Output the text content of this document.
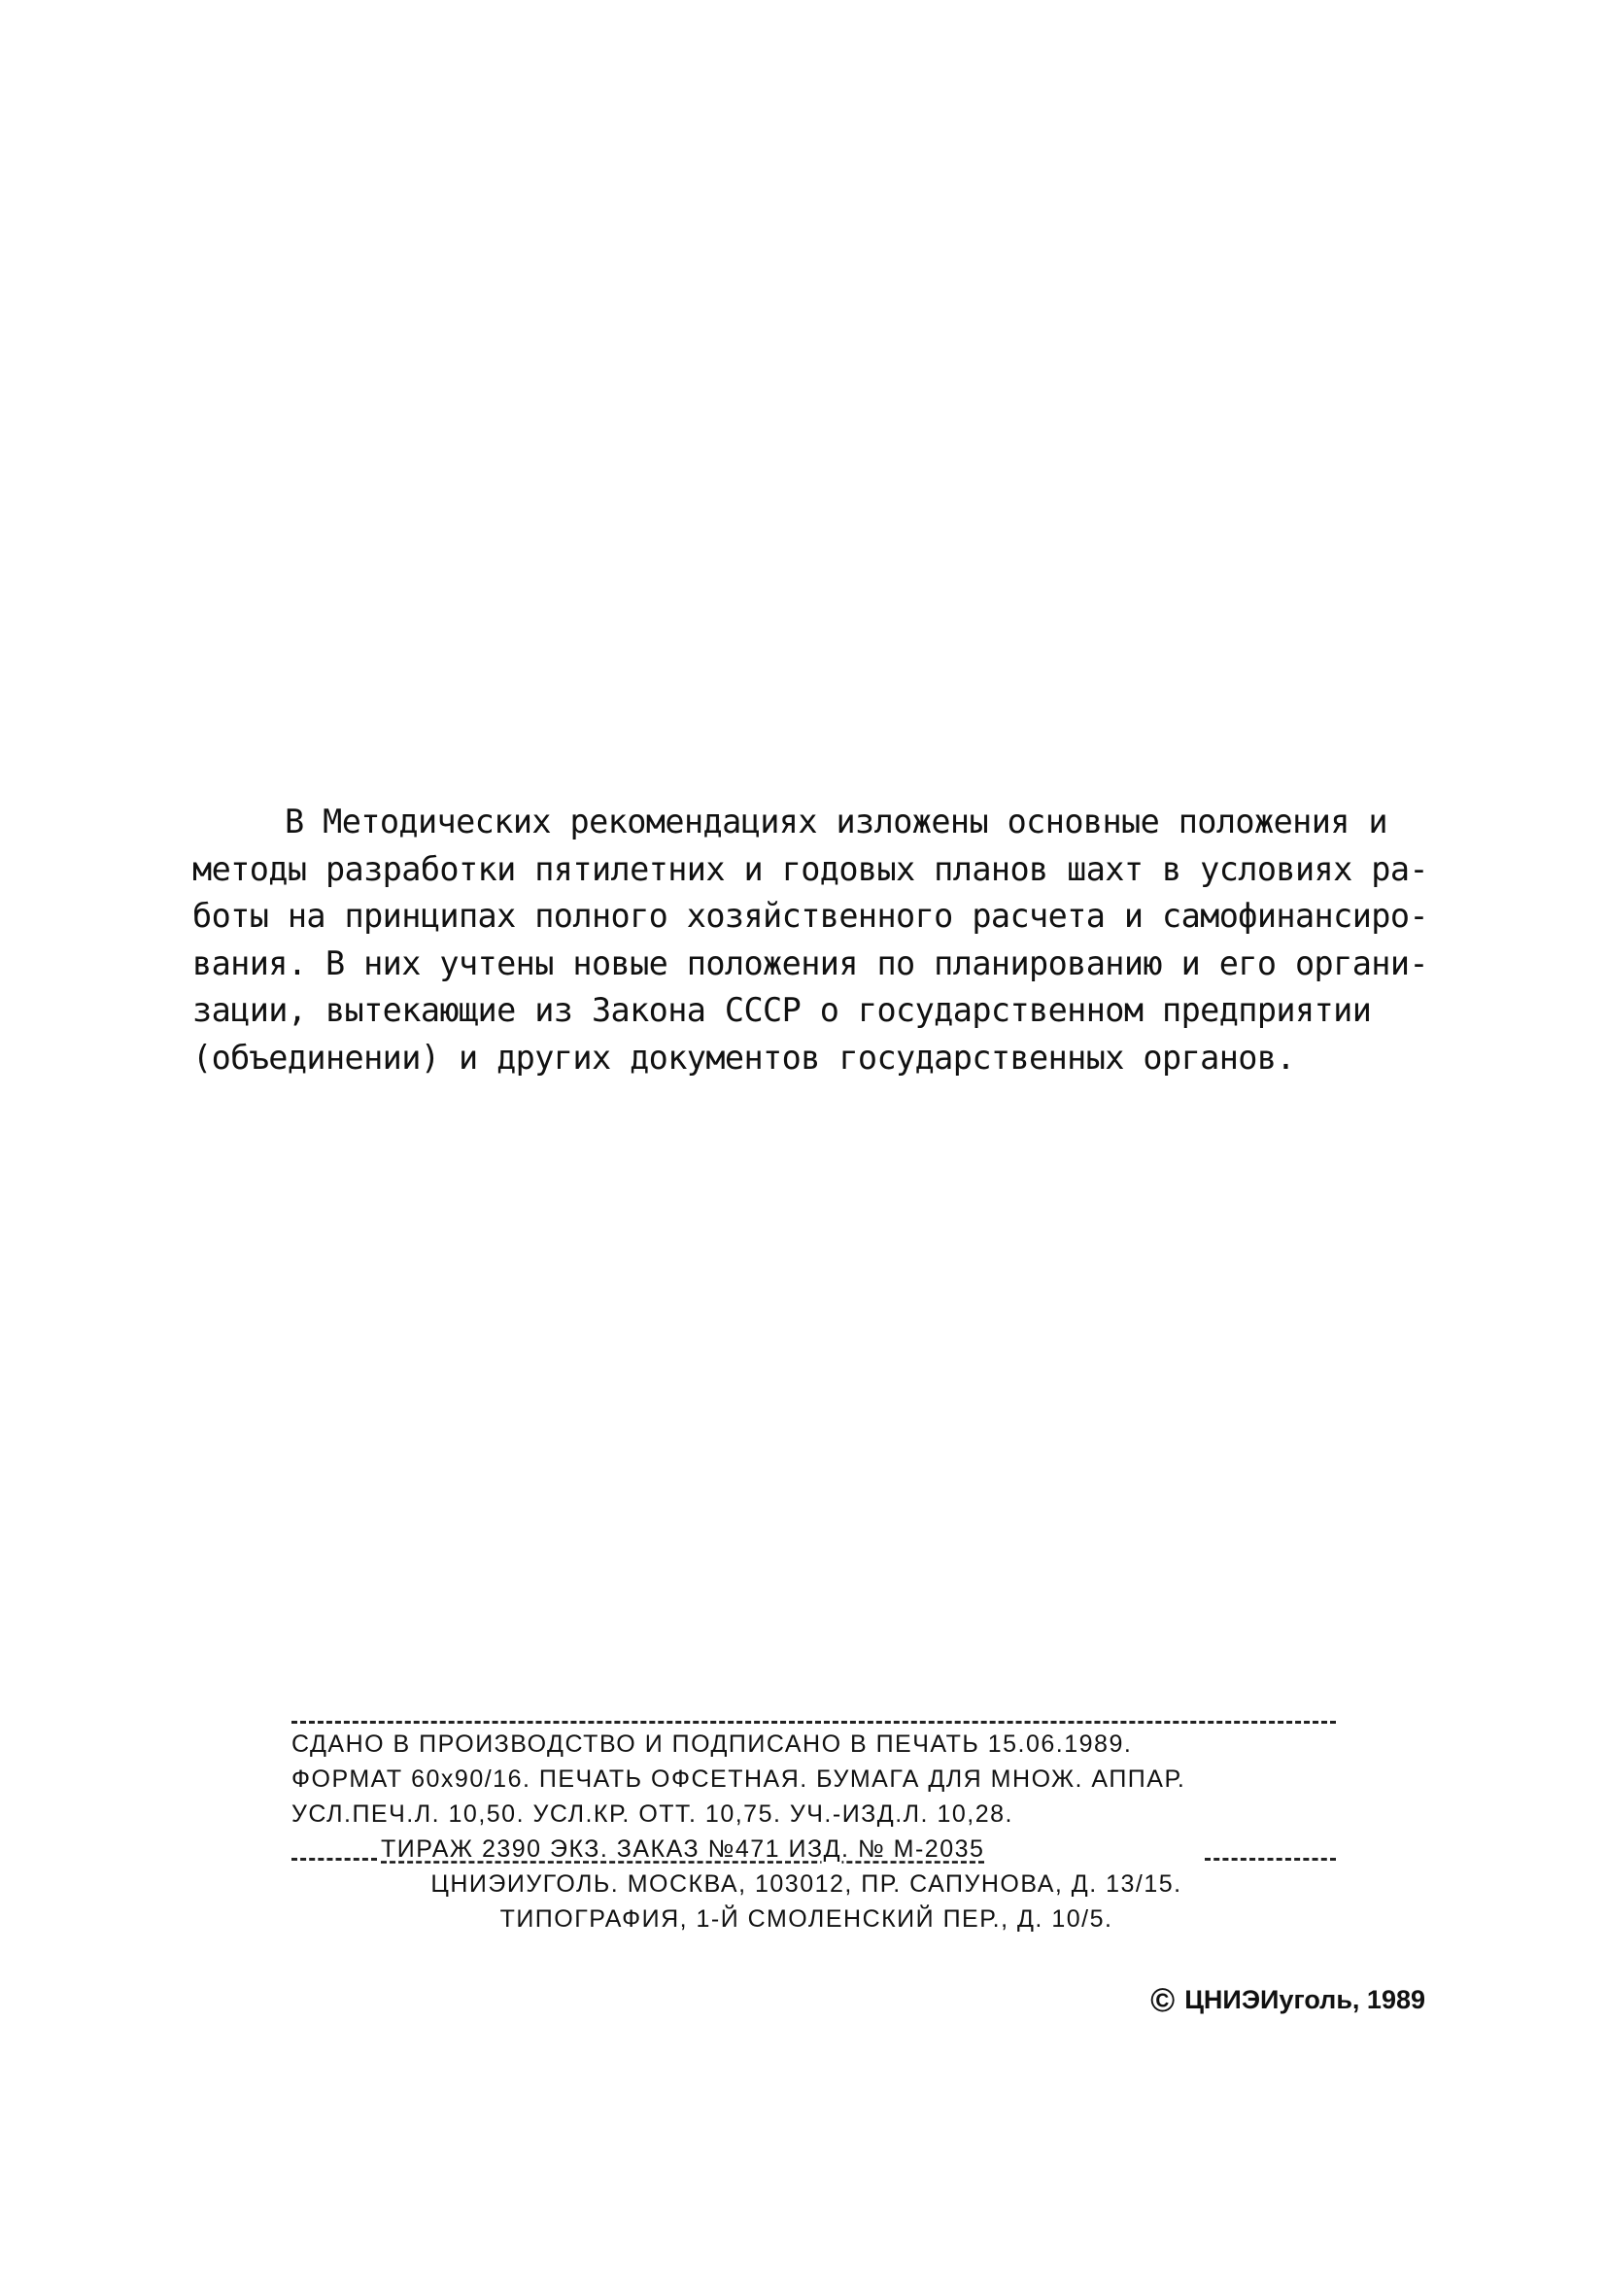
В Методических рекомендациях изложены основные положения и
методы разработки пятилетних и годовых планов шахт в условиях ра-
боты на принципах полного хозяйственного расчета и самофинансиро-
вания. В них учтены новые положения по планированию и его органи-
зации, вытекающие из Закона СССР о государственном предприятии
(объединении) и других документов государственных органов.
СДАНО В ПРОИЗВОДСТВО И ПОДПИСАНО В ПЕЧАТЬ 15.06.1989.
ФОРМАТ 60х90/16. ПЕЧАТЬ ОФСЕТНАЯ. БУМАГА ДЛЯ МНОЖ. АППАР.
УСЛ.ПЕЧ.Л. 10,50. УСЛ.КР. ОТТ. 10,75. УЧ.-ИЗД.Л. 10,28.
ТИРАЖ 2390 ЭКЗ. ЗАКАЗ №471 ИЗД. № М-2035
ЦНИЭИУГОЛЬ. МОСКВА, 103012, ПР. САПУНОВА, Д. 13/15.
ТИПОГРАФИЯ, 1-Й СМОЛЕНСКИЙ ПЕР., Д. 10/5.
© ЦНИЭИуголь, 1989
